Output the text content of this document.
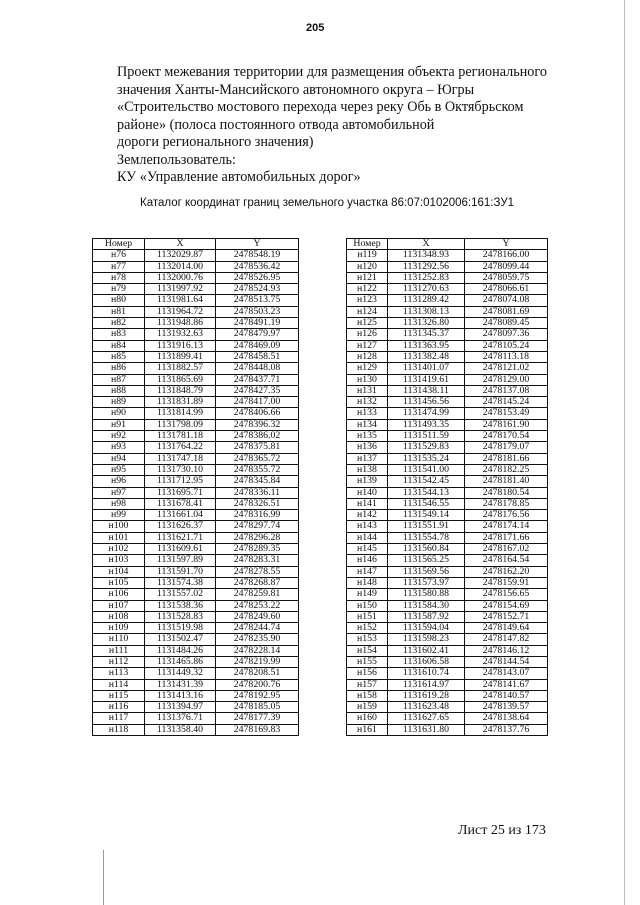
205
Проект межевания территории для размещения объекта регионального
значения Ханты-Мансийского автономного округа – Югры
«Строительство мостового перехода через реку Обь в Октябрьском
районе» (полоса постоянного отвода автомобильной
дороги регионального значения)
Землепользователь:
КУ «Управление автомобильных дорог»
Каталог координат границ земельного участка 86:07:0102006:161:ЗУ1
Номер	X	Y
н76	1132029.87	2478548.19
н77	1132014.00	2478536.42
н78	1132000.76	2478526.95
н79	1131997.92	2478524.93
н80	1131981.64	2478513.75
н81	1131964.72	2478503.23
н82	1131948.86	2478491.19
н83	1131932.63	2478479.97
н84	1131916.13	2478469.09
н85	1131899.41	2478458.51
н86	1131882.57	2478448.08
н87	1131865.69	2478437.71
н88	1131848.79	2478427.35
н89	1131831.89	2478417.00
н90	1131814.99	2478406.66
н91	1131798.09	2478396.32
н92	1131781.18	2478386.02
н93	1131764.22	2478375.81
н94	1131747.18	2478365.72
н95	1131730.10	2478355.72
н96	1131712.95	2478345.84
н97	1131695.71	2478336.11
н98	1131678.41	2478326.51
н99	1131661.04	2478316.99
н100	1131626.37	2478297.74
н101	1131621.71	2478296.28
н102	1131609.61	2478289.35
н103	1131597.89	2478283.31
н104	1131591.70	2478278.55
н105	1131574.38	2478268.87
н106	1131557.02	2478259.81
н107	1131538.36	2478253.22
н108	1131528.83	2478249.60
н109	1131519.98	2478244.74
н110	1131502.47	2478235.90
н111	1131484.26	2478228.14
н112	1131465.86	2478219.99
н113	1131449.32	2478208.51
н114	1131431.39	2478200.76
н115	1131413.16	2478192.95
н116	1131394.97	2478185.05
н117	1131376.71	2478177.39
н118	1131358.40	2478169.83
Номер	X	Y
н119	1131348.93	2478166.00
н120	1131292.56	2478099.44
н121	1131252.83	2478059.75
н122	1131270.63	2478066.61
н123	1131289.42	2478074.08
н124	1131308.13	2478081.69
н125	1131326.80	2478089.45
н126	1131345.37	2478097.36
н127	1131363.95	2478105.24
н128	1131382.48	2478113.18
н129	1131401.07	2478121.02
н130	1131419.61	2478129.00
н131	1131438.11	2478137.08
н132	1131456.56	2478145.24
н133	1131474.99	2478153.49
н134	1131493.35	2478161.90
н135	1131511.59	2478170.54
н136	1131529.83	2478179.07
н137	1131535.24	2478181.66
н138	1131541.00	2478182.25
н139	1131542.45	2478181.40
н140	1131544.13	2478180.54
н141	1131546.55	2478178.85
н142	1131549.14	2478176.56
н143	1131551.91	2478174.14
н144	1131554.78	2478171.66
н145	1131560.84	2478167.02
н146	1131565.25	2478164.54
н147	1131569.56	2478162.20
н148	1131573.97	2478159.91
н149	1131580.88	2478156.65
н150	1131584.30	2478154.69
н151	1131587.92	2478152.71
н152	1131594.04	2478149.64
н153	1131598.23	2478147.82
н154	1131602.41	2478146.12
н155	1131606.58	2478144.54
н156	1131610.74	2478143.07
н157	1131614.97	2478141.67
н158	1131619.28	2478140.57
н159	1131623.48	2478139.57
н160	1131627.65	2478138.64
н161	1131631.80	2478137.76
Лист 25 из 173
